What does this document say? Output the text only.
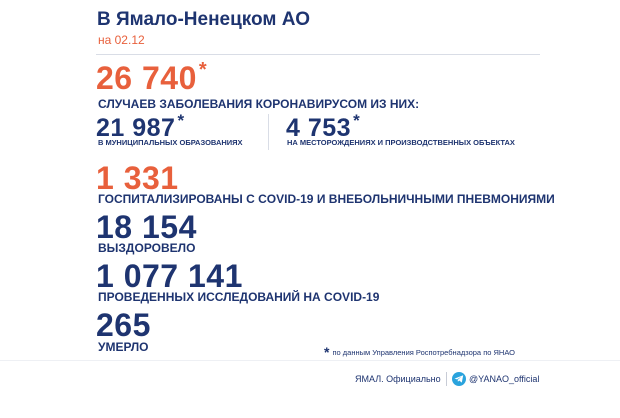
В Ямало-Ненецком АО
на 02.12
26 740 *
СЛУЧАЕВ ЗАБОЛЕВАНИЯ КОРОНАВИРУСОМ ИЗ НИХ:
21 987 *
В МУНИЦИПАЛЬНЫХ ОБРАЗОВАНИЯХ
4 753 *
НА МЕСТОРОЖДЕНИЯХ И ПРОИЗВОДСТВЕННЫХ ОБЪЕКТАХ
1 331
ГОСПИТАЛИЗИРОВАНЫ С COVID-19 И ВНЕБОЛЬНИЧНЫМИ ПНЕВМОНИЯМИ
18 154
ВЫЗДОРОВЕЛО
1 077 141
ПРОВЕДЕННЫХ ИССЛЕДОВАНИЙ НА COVID-19
265
УМЕРЛО	* по данным Управления Роспотребнадзора по ЯНАО
ЯМАЛ. Официально	@YANAO_official
